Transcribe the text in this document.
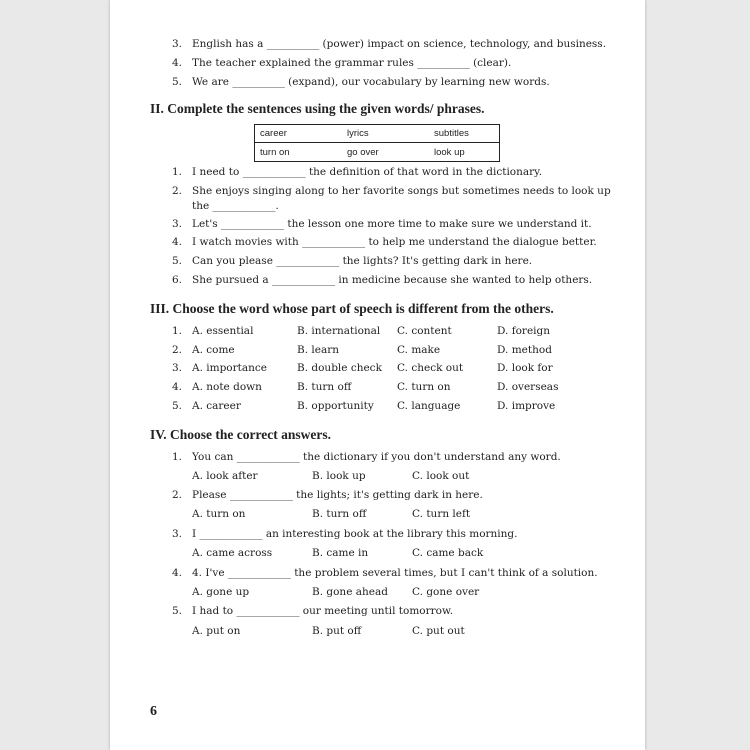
3. English has a __________ (power) impact on science, technology, and business.
4. The teacher explained the grammar rules __________ (clear).
5. We are __________ (expand), our vocabulary by learning new words.
II. Complete the sentences using the given words/ phrases.
career	lyrics	subtitles
turn on	go over	look up
1. I need to ____________ the definition of that word in the dictionary.
2. She enjoys singing along to her favorite songs but sometimes needs to look up
the ____________.
3. Let's ____________ the lesson one more time to make sure we understand it.
4. I watch movies with ____________ to help me understand the dialogue better.
5. Can you please ____________ the lights? It's getting dark in here.
6. She pursued a ____________ in medicine because she wanted to help others.
III. Choose the word whose part of speech is different from the others.
1. A. essential	B. international C. content	D. foreign
2. A. come	B. learn	C. make	D. method
3. A. importance	B. double check C. check out	D. look for
4. A. note down	B. turn off	C. turn on	D. overseas
5. A. career	B. opportunity C. language	D. improve
IV. Choose the correct answers.
1. You can ____________ the dictionary if you don't understand any word.
A. look after	B. look up	C. look out
2. Please ____________ the lights; it's getting dark in here.
A. turn on	B. turn off	C. turn left
3. I ____________ an interesting book at the library this morning.
A. came across	B. came in	C. came back
4. 4. I've ____________ the problem several times, but I can't think of a solution.
A. gone up	B. gone ahead C. gone over
5. I had to ____________ our meeting until tomorrow.
A. put on	B. put off	C. put out
6
